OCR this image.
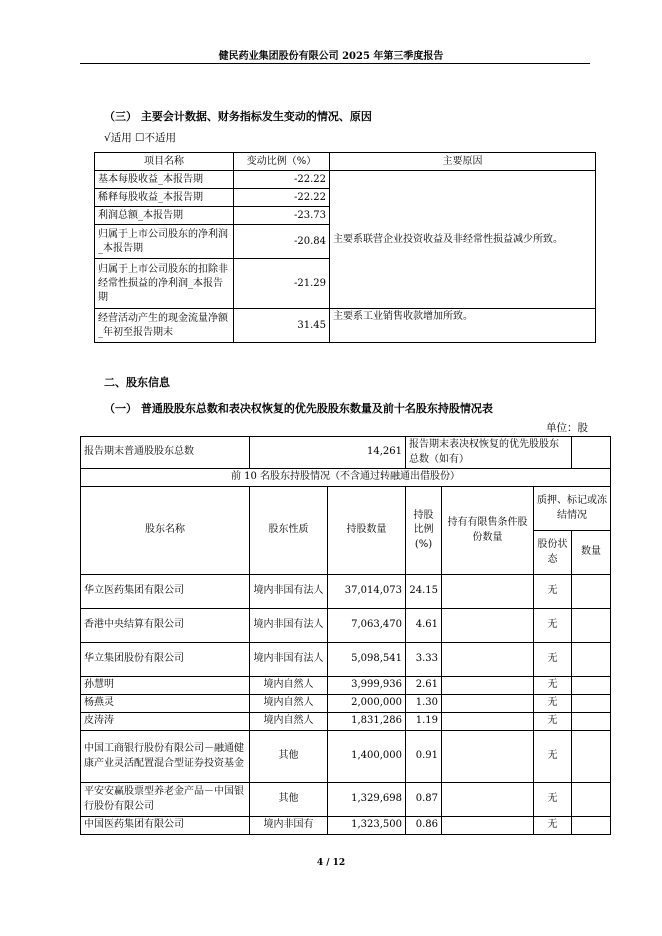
健民药业集团股份有限公司 2025 年第三季度报告
（三） 主要会计数据、财务指标发生变动的情况、原因
√适用 ☐不适用
项目名称	变动比例（%）	主要原因
基本每股收益_本报告期	-22.22	主要系联营企业投资收益及非经常性损益减少所致。
稀释每股收益_本报告期	-22.22	
利润总额_本报告期	-23.73	
归属于上市公司股东的净利润_本报告期	-20.84	
归属于上市公司股东的扣除非经常性损益的净利润_本报告期	-21.29	
经营活动产生的现金流量净额_年初至报告期末	31.45	主要系工业销售收款增加所致。
二、股东信息
（一） 普通股股东总数和表决权恢复的优先股股东数量及前十名股东持股情况表
单位：股
报告期末普通股股东总数	14,261		报告期末表决权恢复的优先股股东总数（如有）			
前 10 名股东持股情况（不含通过转融通出借股份）						
股东名称	股东性质	持股数量	持股比例(%)	持有有限售条件股份数量	质押、标记或冻结情况	
					股份状态	数量
华立医药集团有限公司	境内非国有法人	37,014,073	24.15		无	
香港中央结算有限公司	境内非国有法人	7,063,470	4.61		无	
华立集团股份有限公司	境内非国有法人	5,098,541	3.33		无	
孙慧明	境内自然人	3,999,936	2.61		无	
杨燕灵	境内自然人	2,000,000	1.30		无	
皮涛涛	境内自然人	1,831,286	1.19		无	
中国工商银行股份有限公司－融通健康产业灵活配置混合型证券投资基金	其他	1,400,000	0.91		无	
平安安赢股票型养老金产品－中国银行股份有限公司	其他	1,329,698	0.87		无	
中国医药集团有限公司	境内非国有	1,323,500	0.86		无	
4 / 12
